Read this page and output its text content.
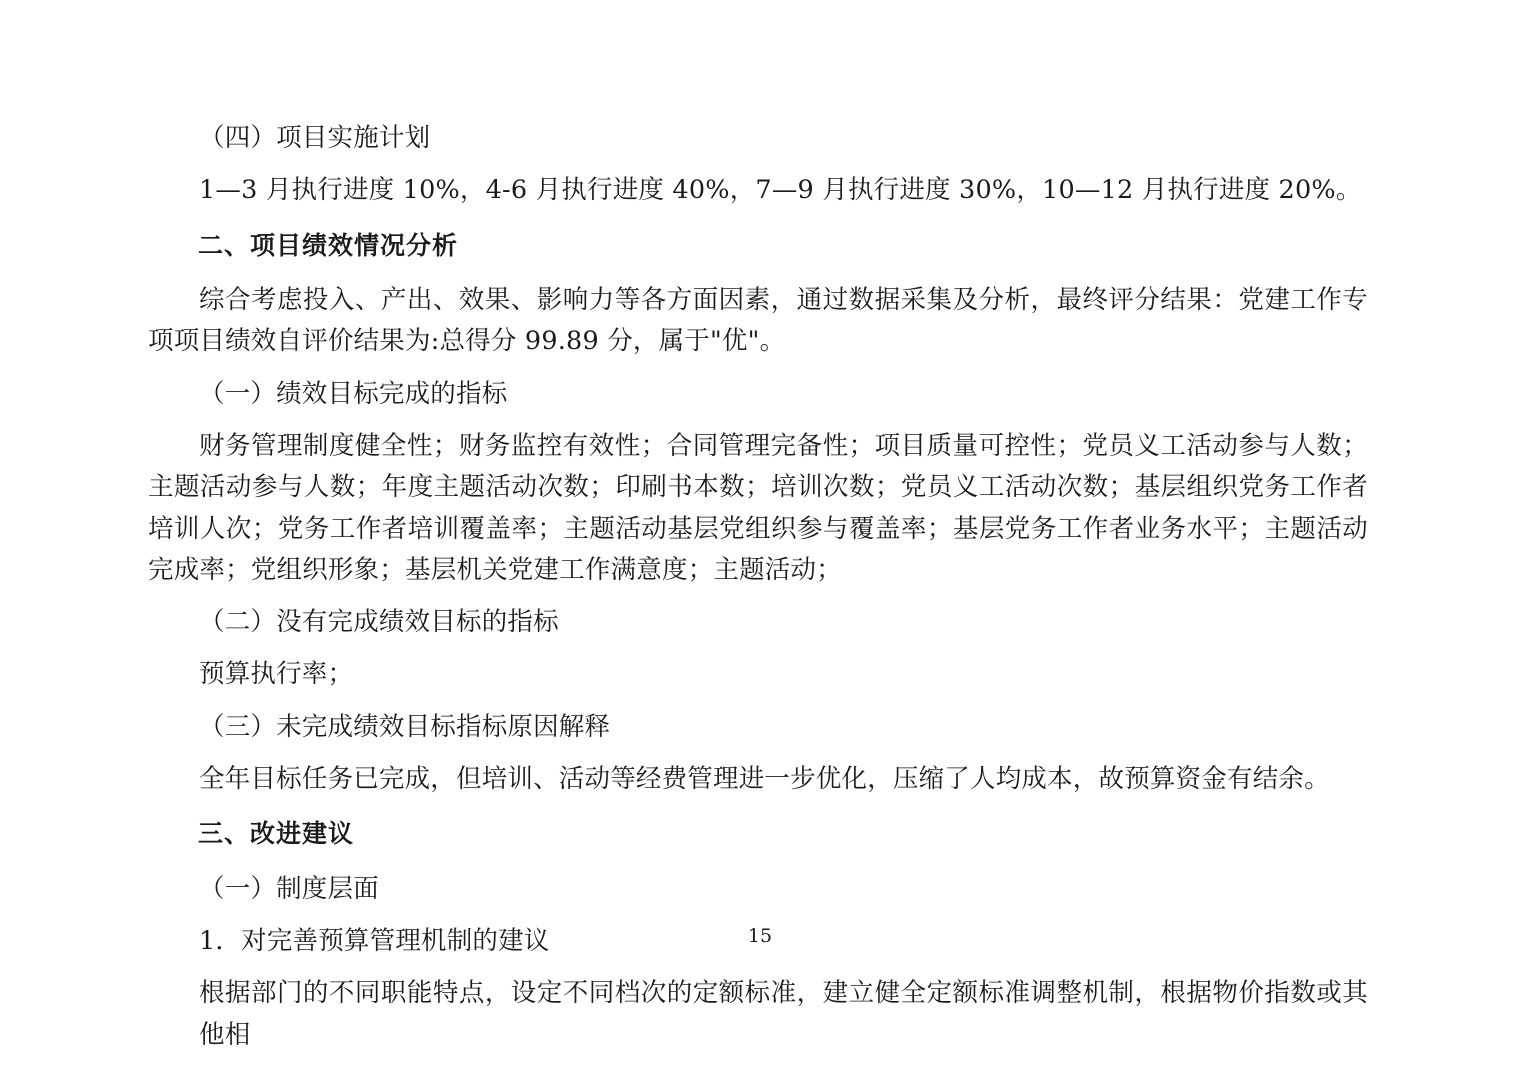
（四）项目实施计划

1—3 月执行进度 10%，4-6 月执行进度 40%，7—9 月执行进度 30%，10—12 月执行进度 20%。

二、项目绩效情况分析

综合考虑投入、产出、效果、影响力等各方面因素，通过数据采集及分析，最终评分结果：党建工作专项项目绩效自评价结果为:总得分 99.89 分，属于"优"。

（一）绩效目标完成的指标

财务管理制度健全性；财务监控有效性；合同管理完备性；项目质量可控性；党员义工活动参与人数；主题活动参与人数；年度主题活动次数；印刷书本数；培训次数；党员义工活动次数；基层组织党务工作者培训人次；党务工作者培训覆盖率；主题活动基层党组织参与覆盖率；基层党务工作者业务水平；主题活动完成率；党组织形象；基层机关党建工作满意度；主题活动；

（二）没有完成绩效目标的指标

预算执行率；

（三）未完成绩效目标指标原因解释

全年目标任务已完成，但培训、活动等经费管理进一步优化，压缩了人均成本，故预算资金有结余。

三、改进建议

（一）制度层面

1．对完善预算管理机制的建议

根据部门的不同职能特点，设定不同档次的定额标准，建立健全定额标准调整机制，根据物价指数或其他相

15
